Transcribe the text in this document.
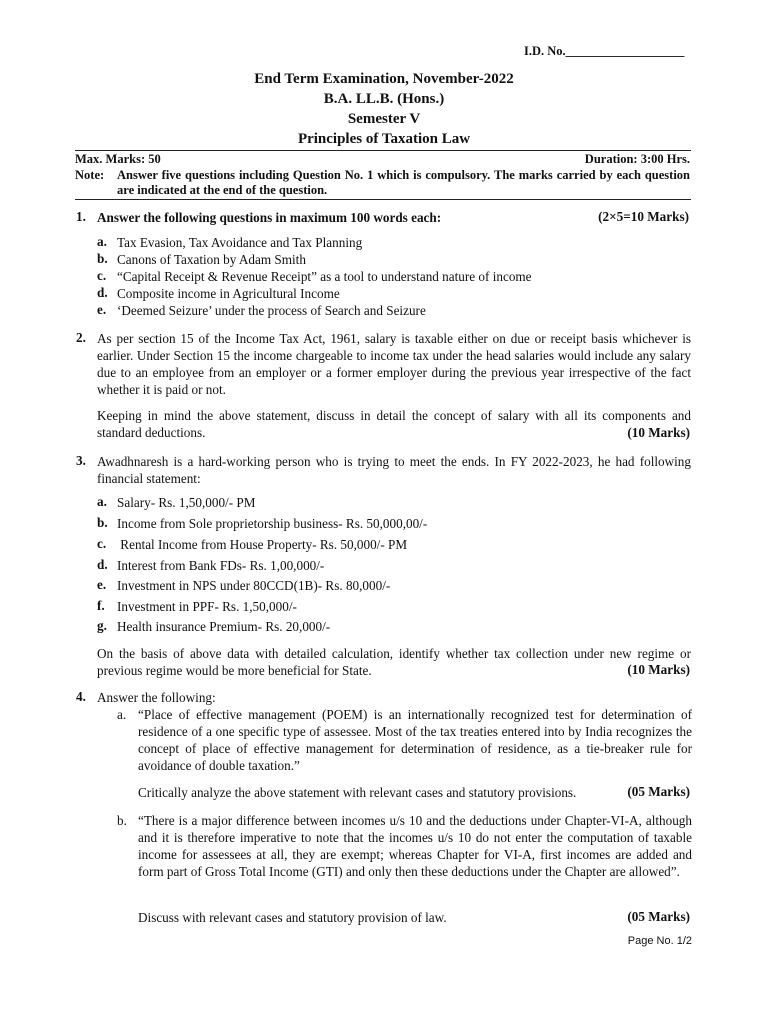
I.D. No.___________________
End Term Examination, November-2022
B.A. LL.B. (Hons.)
Semester V
Principles of Taxation Law
Max. Marks: 50	Duration: 3:00 Hrs.
Note: Answer five questions including Question No. 1 which is compulsory. The marks carried by each question are indicated at the end of the question.
1. Answer the following questions in maximum 100 words each:	(2×5=10 Marks)
a. Tax Evasion, Tax Avoidance and Tax Planning
b. Canons of Taxation by Adam Smith
c. “Capital Receipt & Revenue Receipt” as a tool to understand nature of income
d. Composite income in Agricultural Income
e. ‘Deemed Seizure’ under the process of Search and Seizure
2. As per section 15 of the Income Tax Act, 1961, salary is taxable either on due or receipt basis whichever is earlier. Under Section 15 the income chargeable to income tax under the head salaries would include any salary due to an employee from an employer or a former employer during the previous year irrespective of the fact whether it is paid or not.
Keeping in mind the above statement, discuss in detail the concept of salary with all its components and standard deductions.	(10 Marks)
3. Awadhnaresh is a hard-working person who is trying to meet the ends. In FY 2022-2023, he had following financial statement:
a. Salary- Rs. 1,50,000/- PM
b. Income from Sole proprietorship business- Rs. 50,000,00/-
c. Rental Income from House Property- Rs. 50,000/- PM
d. Interest from Bank FDs- Rs. 1,00,000/-
e. Investment in NPS under 80CCD(1B)- Rs. 80,000/-
f. Investment in PPF- Rs. 1,50,000/-
g. Health insurance Premium- Rs. 20,000/-
On the basis of above data with detailed calculation, identify whether tax collection under new regime or previous regime would be more beneficial for State.	(10 Marks)
4. Answer the following:
a. “Place of effective management (POEM) is an internationally recognized test for determination of residence of a one specific type of assessee. Most of the tax treaties entered into by India recognizes the concept of place of effective management for determination of residence, as a tie-breaker rule for avoidance of double taxation.”
Critically analyze the above statement with relevant cases and statutory provisions.	(05 Marks)
b. “There is a major difference between incomes u/s 10 and the deductions under Chapter-VI-A, although and it is therefore imperative to note that the incomes u/s 10 do not enter the computation of taxable income for assessees at all, they are exempt; whereas Chapter for VI-A, first incomes are added and form part of Gross Total Income (GTI) and only then these deductions under the Chapter are allowed”.
Discuss with relevant cases and statutory provision of law.	(05 Marks)
Page No. 1/2
